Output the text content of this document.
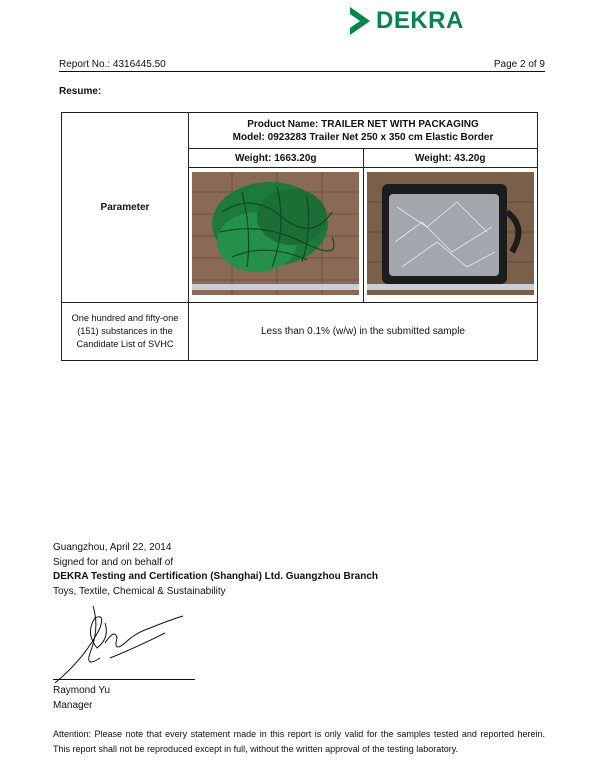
DEKRA
Report No.: 4316445.50	Page 2 of 9
Resume:
Parameter	Product Name: TRAILER NET WITH PACKAGING
Model: 0923283 Trailer Net 250 x 350 cm Elastic Border	

	Weight: 1663.20g	Weight: 43.20g

One hundred and fifty-one (151) substances in the Candidate List of SVHC	Less than 0.1% (w/w) in the submitted sample	
Guangzhou, April 22, 2014
Signed for and on behalf of
DEKRA Testing and Certification (Shanghai) Ltd. Guangzhou Branch
Toys, Textile, Chemical & Sustainability
Raymond Yu
Manager
Attention: Please note that every statement made in this report is only valid for the samples tested and reported herein. This report shall not be reproduced except in full, without the written approval of the testing laboratory.
